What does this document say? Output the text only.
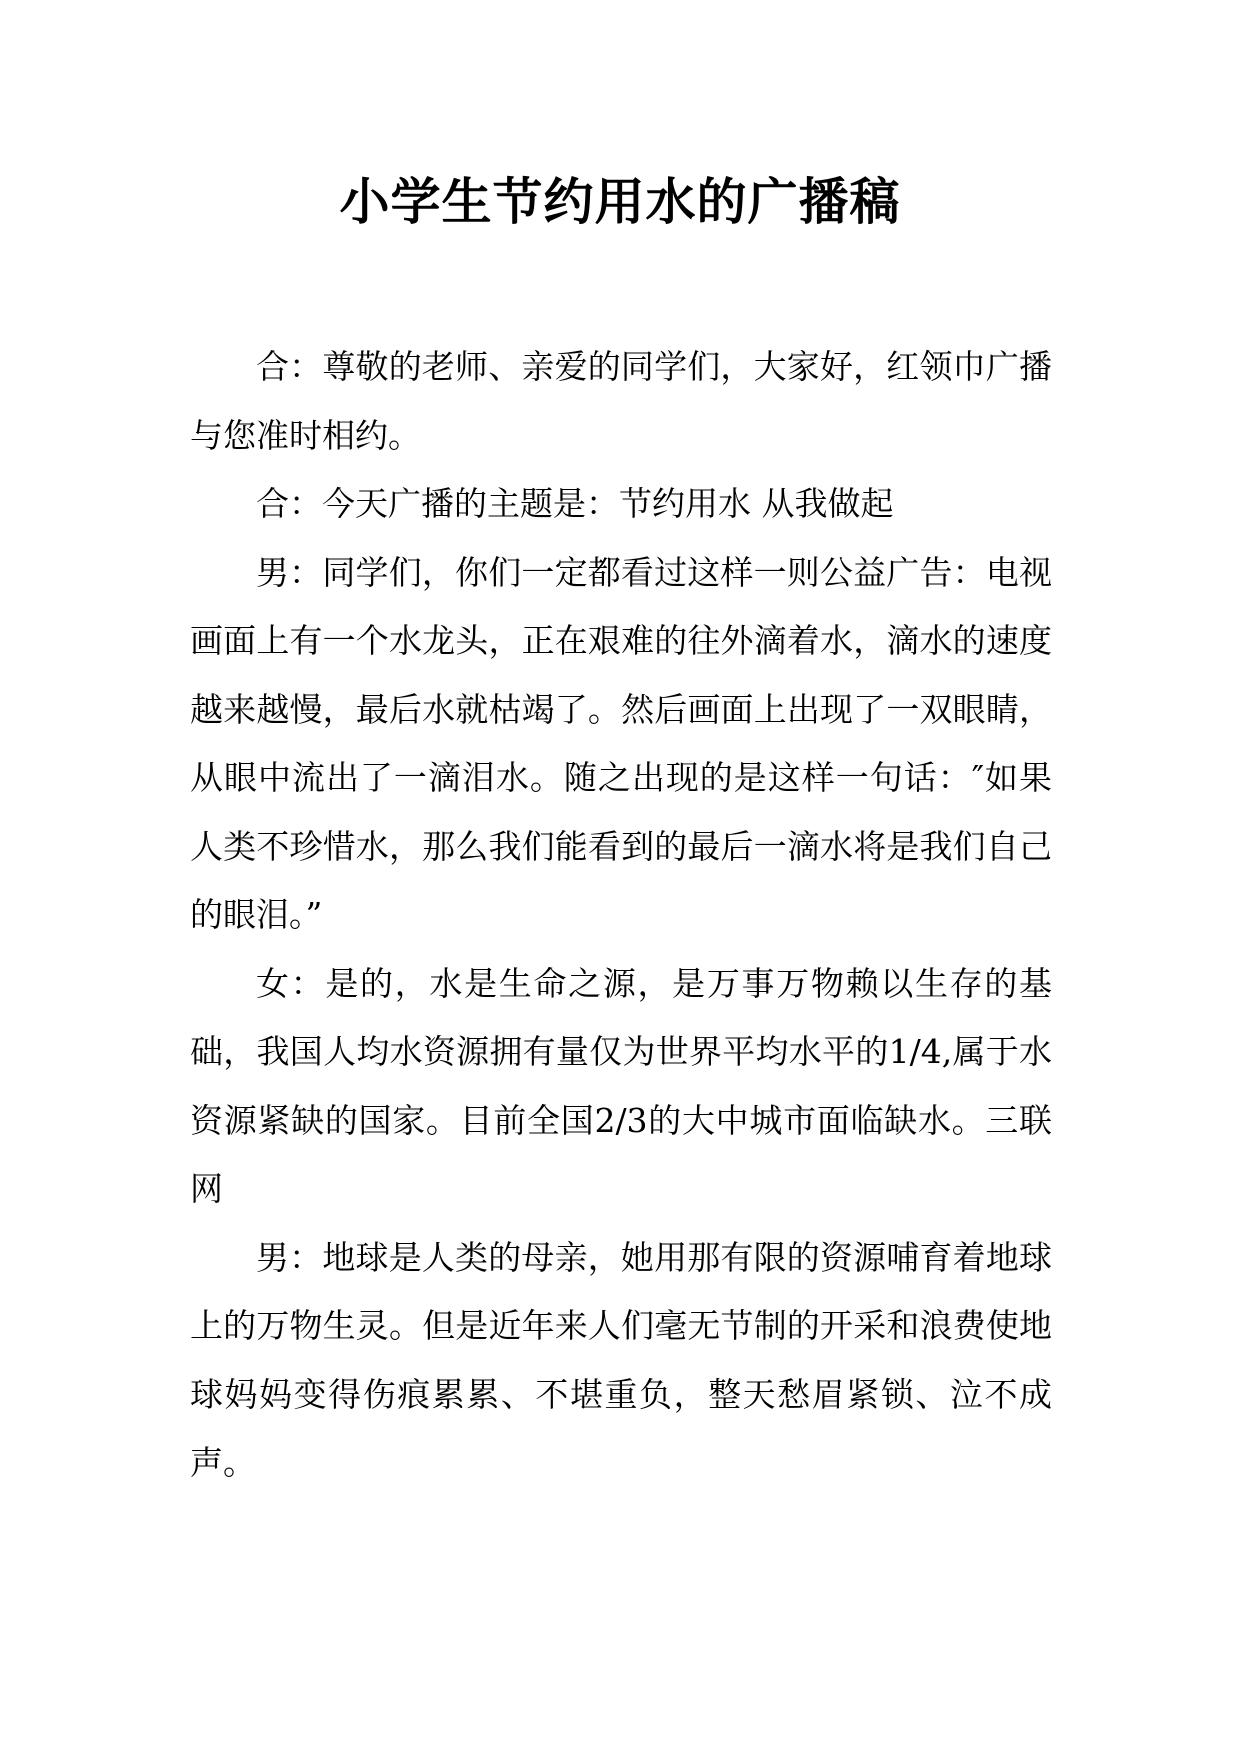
小学生节约用水的广播稿

合：尊敬的老师、亲爱的同学们，大家好，红领巾广播与您准时相约。

合：今天广播的主题是：节约用水 从我做起

男：同学们，你们一定都看过这样一则公益广告：电视画面上有一个水龙头，正在艰难的往外滴着水，滴水的速度越来越慢，最后水就枯竭了。然后画面上出现了一双眼睛，从眼中流出了一滴泪水。随之出现的是这样一句话：″如果人类不珍惜水，那么我们能看到的最后一滴水将是我们自己的眼泪。”

女：是的，水是生命之源，是万事万物赖以生存的基础，我国人均水资源拥有量仅为世界平均水平的1/4,属于水资源紧缺的国家。目前全国2/3的大中城市面临缺水。三联网

男：地球是人类的母亲，她用那有限的资源哺育着地球上的万物生灵。但是近年来人们毫无节制的开采和浪费使地球妈妈变得伤痕累累、不堪重负，整天愁眉紧锁、泣不成声。
